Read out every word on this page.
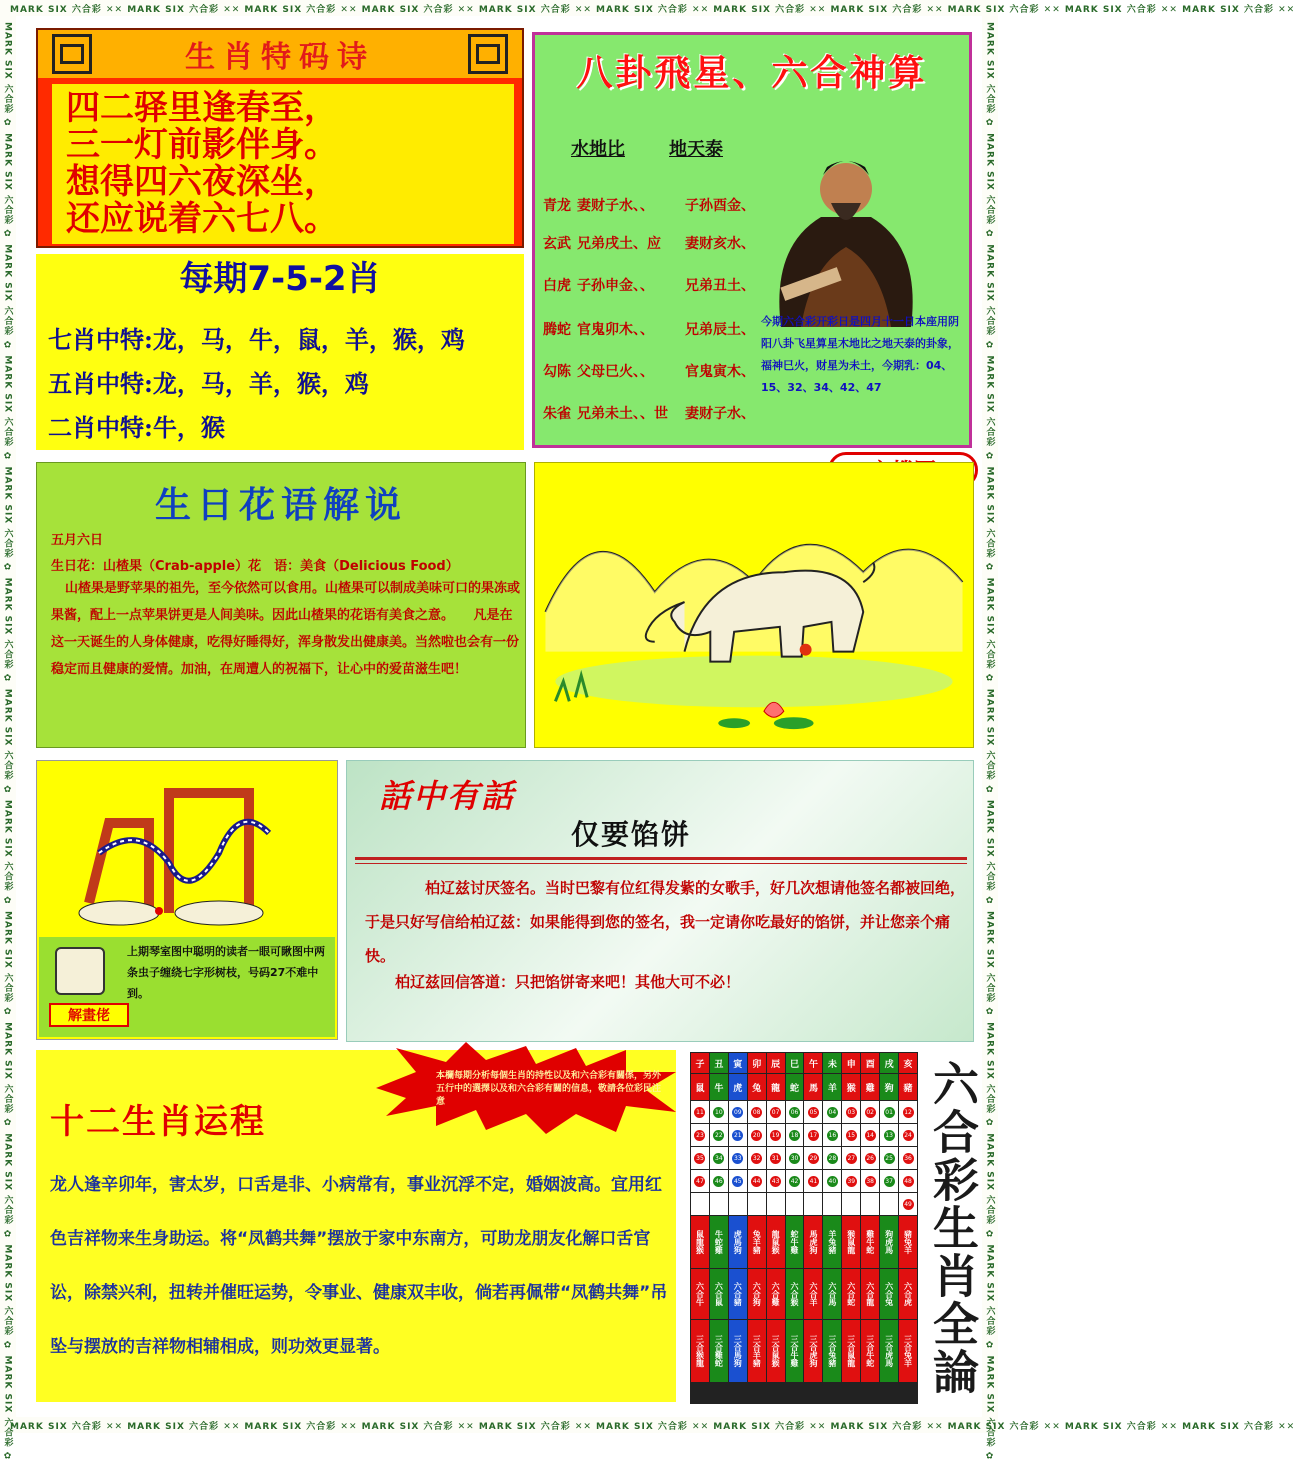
MARK SIX 六合彩 ✕✕ MARK SIX 六合彩 ✕✕ MARK SIX 六合彩 ✕✕ MARK SIX 六合彩 ✕✕ MARK SIX 六合彩 ✕✕ MARK SIX 六合彩 ✕✕ MARK SIX 六合彩 ✕✕ MARK SIX 六合彩 ✕✕ MARK SIX 六合彩 ✕✕ MARK SIX 六合彩 ✕✕ MARK SIX 六合彩 ✕✕
MARK SIX 六合彩 ✕✕ MARK SIX 六合彩 ✕✕ MARK SIX 六合彩 ✕✕ MARK SIX 六合彩 ✕✕ MARK SIX 六合彩 ✕✕ MARK SIX 六合彩 ✕✕ MARK SIX 六合彩 ✕✕ MARK SIX 六合彩 ✕✕ MARK SIX 六合彩 ✕✕ MARK SIX 六合彩 ✕✕ MARK SIX 六合彩 ✕✕
MARK SIX 六合彩 ✿ MARK SIX 六合彩 ✿ MARK SIX 六合彩 ✿ MARK SIX 六合彩 ✿ MARK SIX 六合彩 ✿ MARK SIX 六合彩 ✿ MARK SIX 六合彩 ✿ MARK SIX 六合彩 ✿ MARK SIX 六合彩 ✿ MARK SIX 六合彩 ✿ MARK SIX 六合彩 ✿ MARK SIX 六合彩 ✿ MARK SIX 六合彩 ✿	MARK SIX 六合彩 ✿ MARK SIX 六合彩 ✿ MARK SIX 六合彩 ✿ MARK SIX 六合彩 ✿ MARK SIX 六合彩 ✿ MARK SIX 六合彩 ✿ MARK SIX 六合彩 ✿ MARK SIX 六合彩 ✿ MARK SIX 六合彩 ✿ MARK SIX 六合彩 ✿ MARK SIX 六合彩 ✿ MARK SIX 六合彩 ✿ MARK SIX 六合彩 ✿
生肖特码诗
四二驿里逢春至，
三一灯前影伴身。
想得四六夜深坐，
还应说着六七八。
每期7-5-2肖
七肖中特:龙，马，牛，鼠，羊，猴，鸡
五肖中特:龙，马，羊，猴，鸡
二肖中特:牛，猴
八卦飛星、六合神算
水地比 地天泰
青龙 妻财子水、、 子孙酉金、
玄武 兄弟戌土、应 妻财亥水、
白虎 子孙申金、、 兄弟丑土、
腾蛇 官鬼卯木、、 兄弟辰土、
勾陈 父母巳火、、 官鬼寅木、
朱雀 兄弟未土、、世 妻财子水、
今期六合彩开彩日是四月十一日本座用阴阳八卦飞星算星木地比之地天泰的卦象，福神巳火，财星为未土，今期乳：04、15、32、34、42、47
生日花语解说
五月六日
生日花：山楂果（Crab-apple）花　语：美食（Delicious Food）
山楂果是野苹果的祖先，至今依然可以食用。山楂果可以制成美味可口的果冻或果酱，配上一点苹果饼更是人间美味。因此山楂果的花语有美食之意。　　凡是在这一天诞生的人身体健康，吃得好睡得好，浑身散发出健康美。当然啦也会有一份稳定而且健康的爱情。加油，在周遭人的祝福下，让心中的爱苗滋生吧！
上期琴室图中聪明的读者一眼可瞅图中两条虫子缠绕七字形树枝，号码27不难中到。
解畫佬
話中有話
仅要馅饼
柏辽兹讨厌签名。当时巴黎有位红得发紫的女歌手，好几次想请他签名都被回绝，于是只好写信给柏辽兹：如果能得到您的签名，我一定请你吃最好的馅饼，并让您亲个痛快。
柏辽兹回信答道：只把馅饼寄来吧！其他大可不必！
本欄每期分析每個生肖的持性以及和六合彩有關係，另外五行中的選擇以及和六合彩有關的信息，敬請各位彩民注意
十二生肖运程
龙人逢辛卯年，害太岁，口舌是非、小病常有，事业沉浮不定，婚姻波高。宜用红色吉祥物来生身助运。将“凤鹤共舞”摆放于家中东南方，可助龙朋友化解口舌官讼，除禁兴利，扭转并催旺运势，令事业、健康双丰收，倘若再佩带“凤鹤共舞”吊坠与摆放的吉祥物相辅相成，则功效更显著。
子
鼠
11
23
35
47
鼠龍猴
六合牛
三合猴龍
丑
牛
10
22
34
46
牛蛇雞
六合鼠
三合雞蛇
寅
虎
09
21
33
45
虎馬狗
六合豬
三合馬狗
卯
兔
08
20
32
44
兔羊豬
六合狗
三合羊豬
辰
龍
07
19
31
43
龍鼠猴
六合雞
三合鼠猴
巳
蛇
06
18
30
42
蛇牛雞
六合猴
三合牛雞
午
馬
05
17
29
41
馬虎狗
六合羊
三合虎狗
未
羊
04
16
28
40
羊兔豬
六合馬
三合兔豬
申
猴
03
15
27
39
猴鼠龍
六合蛇
三合鼠龍
酉
雞
02
14
26
38
雞牛蛇
六合龍
三合牛蛇
戌
狗
01
13
25
37
狗虎馬
六合兔
三合虎馬
亥
豬
12
24
36
48
49
豬兔羊
六合虎
三合兔羊 六合彩生肖全論
